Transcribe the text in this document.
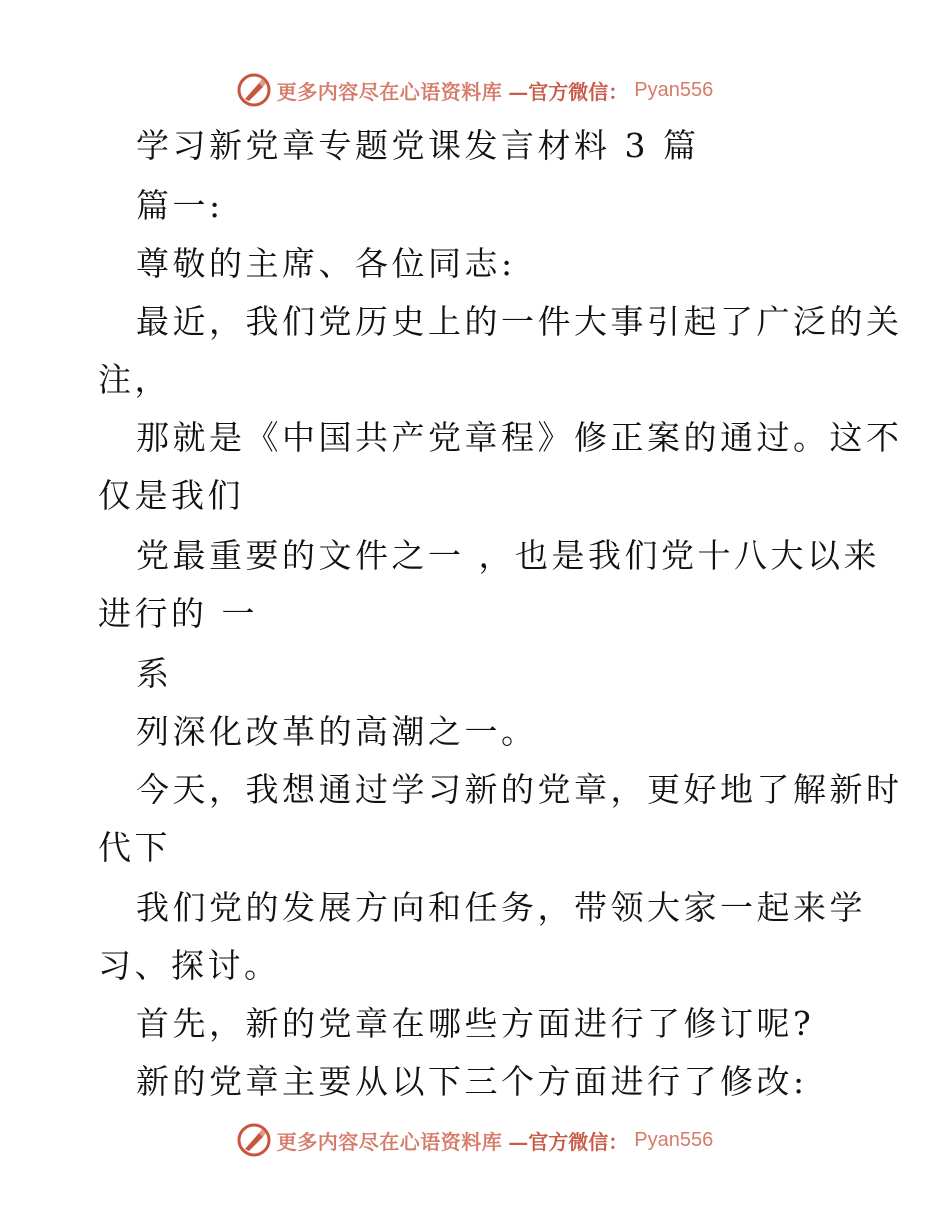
更多内容尽在心语资料库 —官方微信： Pyan556
学习新党章专题党课发言材料 3 篇
篇一:
尊敬的主席、各位同志:
最近，我们党历史上的一件大事引起了广泛的关
注，
那就是《中国共产党章程》修正案的通过。这不
仅是我们
党最重要的文件之一 ，也是我们党十八大以来
进行的 一
系
列深化改革的高潮之一。
今天，我想通过学习新的党章，更好地了解新时
代下
我们党的发展方向和任务，带领大家一起来学
习、探讨。
首先，新的党章在哪些方面进行了修订呢?
新的党章主要从以下三个方面进行了修改:
更多内容尽在心语资料库 —官方微信： Pyan556
